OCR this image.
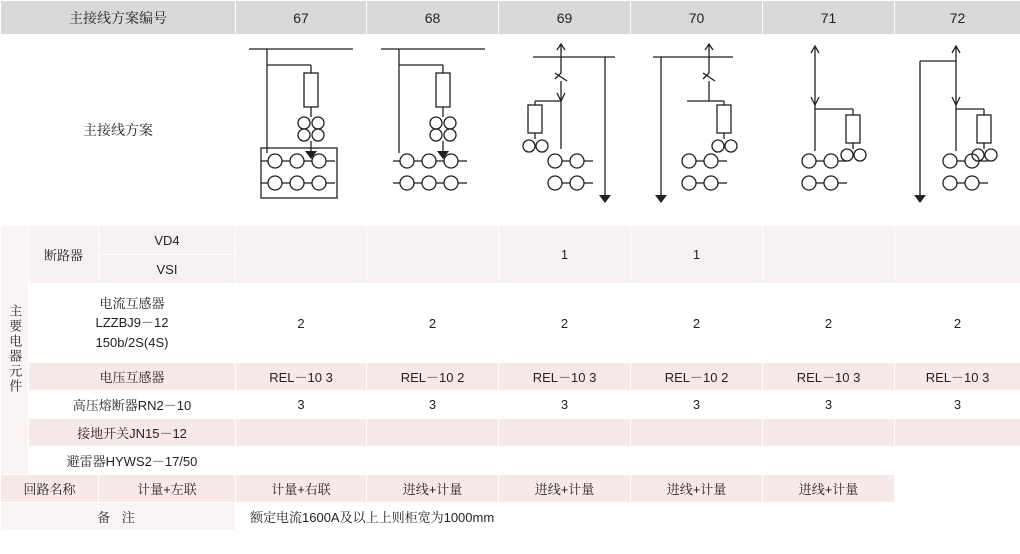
主接线方案编号			67	68	69	70	71	72
主接线方案	

主要电器元件	断路器	VD4			1	1		
		VSI						

	电流互感器
LZZBJ9－12
150b/2S(4S)		2	2	2	2	2	2
	电压互感器		REL－10 3	REL－10 2	REL－10 3	REL－10 2	REL－10 3	REL－10 3
	高压熔断器RN2－10		3	3	3	3	3	3
	接地开关JN15－12							
	避雷器HYWS2－17/50							
回路名称		计量+左联	计量+右联	进线+计量	进线+计量	进线+计量	进线+计量	
备 注			额定电流1600A及以上上则柜宽为1000mm					
